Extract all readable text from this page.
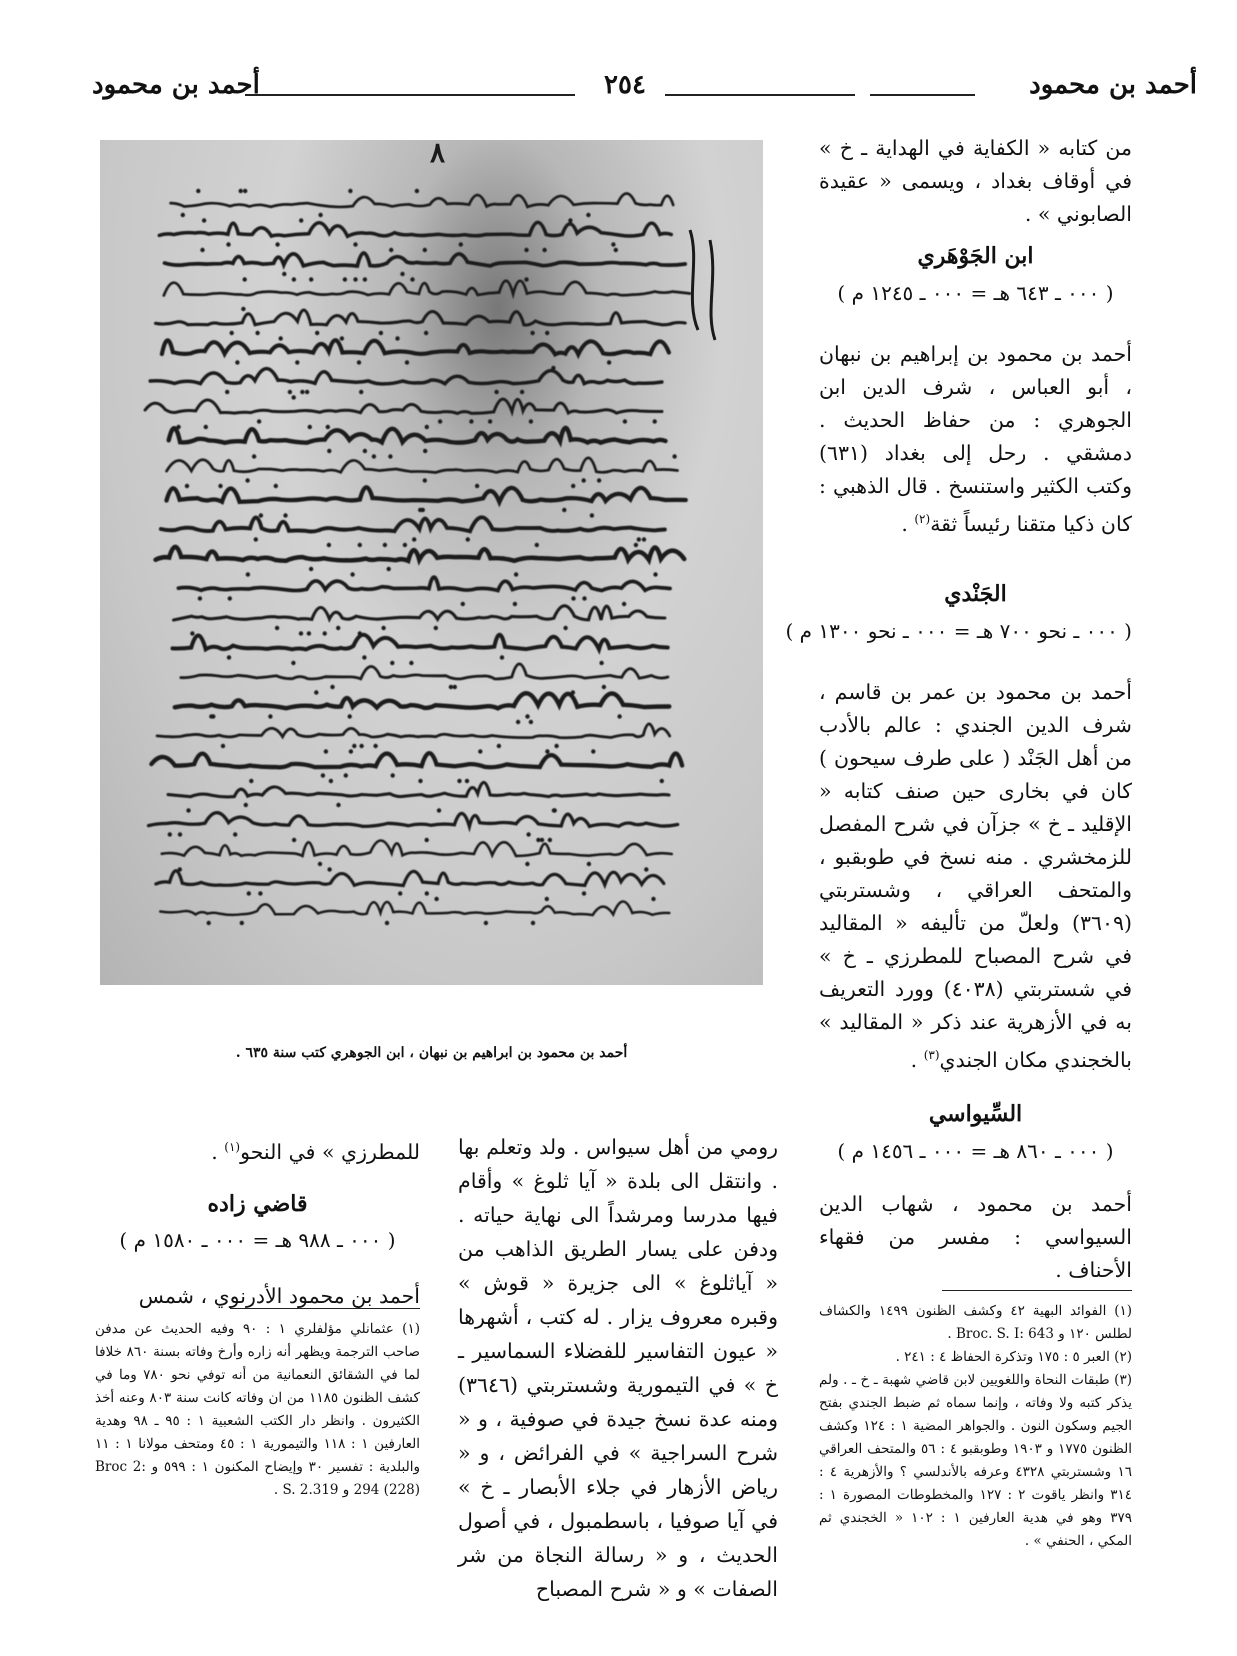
أحمد بن محمود
٢٥٤
أحمد بن محمود

من كتابه « الكفاية في الهداية ـ خ » في أوقاف بغداد ، ويسمى « عقيدة الصابوني » .

ابن الجَوْهَري
( ٠٠٠ ـ ٦٤٣ هـ = ٠٠٠ ـ ١٢٤٥ م )

أحمد بن محمود بن إبراهيم بن نبهان ، أبو العباس ، شرف الدين ابن الجوهري : من حفاظ الحديث . دمشقي . رحل إلى بغداد (٦٣١) وكتب الكثير واستنسخ . قال الذهبي : كان ذكيا متقنا رئيساً ثقة$^{(٢)}$ .

الجَنْدي
( ٠٠٠ ـ نحو ٧٠٠ هـ = ٠٠٠ ـ نحو ١٣٠٠ م )

أحمد بن محمود بن عمر بن قاسم ، شرف الدين الجندي : عالم بالأدب من أهل الجَنْد ( على طرف سيحون ) كان في بخارى حين صنف كتابه « الإقليد ـ خ » جزآن في شرح المفصل للزمخشري . منه نسخ في طوبقبو ، والمتحف العراقي ، وشستربتي (٣٦٠٩) ولعلّ من تأليفه « المقاليد في شرح المصباح للمطرزي ـ خ » في شستربتي (٤٠٣٨) وورد التعريف به في الأزهرية عند ذكر « المقاليد » بالخجندي مكان الجندي$^{(٣)}$ .

السِّيواسي
( ٠٠٠ ـ ٨٦٠ هـ = ٠٠٠ ـ ١٤٥٦ م )

أحمد بن محمود ، شهاب الدين السيواسي : مفسر من فقهاء الأحناف .

(١) الفوائد البهية ٤٢ وكشف الظنون ١٤٩٩ والكشاف لطلس ١٢٠ و Broc. S. I: 643 .
(٢) العبر ٥ : ١٧٥ وتذكرة الحفاظ ٤ : ٢٤١ .
(٣) طبقات النحاة واللغويين لابن قاضي شهبة ـ خ ـ . ولم يذكر كتبه ولا وفاته ، وإنما سماه ثم ضبط الجندي بفتح الجيم وسكون النون . والجواهر المضية ١ : ١٢٤ وكشف الظنون ١٧٧٥ و ١٩٠٣ وطوبقبو ٤ : ٥٦ والمتحف العراقي ١٦ وشستربتي ٤٣٢٨ وعرفه بالأندلسي ؟ والأزهرية ٤ : ٣١٤ وانظر ياقوت ٢ : ١٢٧ والمخطوطات المصورة ١ : ٣٧٩ وهو في هدية العارفين ١ : ١٠٢ « الخجندي ثم المكي ، الحنفي » .
٨
أحمد بن محمود بن ابراهيم بن نبهان ، ابن الجوهري كتب سنة ٦٣٥ .
رومي من أهل سيواس . ولد وتعلم بها . وانتقل الى بلدة « آيا ثلوغ » وأقام فيها مدرسا ومرشداً الى نهاية حياته . ودفن على يسار الطريق الذاهب من « آياثلوغ » الى جزيرة « قوش » وقبره معروف يزار . له كتب ، أشهرها « عيون التفاسير للفضلاء السماسير ـ خ » في التيمورية وشستربتي (٣٦٤٦) ومنه عدة نسخ جيدة في صوفية ، و « شرح السراجية » في الفرائض ، و « رياض الأزهار في جلاء الأبصار ـ خ » في آيا صوفيا ، باسطمبول ، في أصول الحديث ، و « رسالة النجاة من شر الصفات » و « شرح المصباح

للمطرزي » في النحو$^{(١)}$ .

قاضي زاده
( ٠٠٠ ـ ٩٨٨ هـ = ٠٠٠ ـ ١٥٨٠ م )

أحمد بن محمود الأدرنوي ، شمس

(١) عثمانلي مؤلفلري ١ : ٩٠ وفيه الحديث عن مدفن صاحب الترجمة ويظهر أنه زاره وأرخ وفاته بسنة ٨٦٠ خلافا لما في الشقائق النعمانية من أنه توفي نحو ٧٨٠ وما في كشف الظنون ١١٨٥ من ان وفاته كانت سنة ٨٠٣ وعنه أخذ الكثيرون . وانظر دار الكتب الشعبية ١ : ٩٥ ـ ٩٨ وهدية العارفين ١ : ١١٨ والتيمورية ١ : ٤٥ ومتحف مولانا ١ : ١١ والبلدية : تفسير ٣٠ وإيضاح المكنون ١ : ٥٩٩ و Broc 2: 294 (228) و S. 2.319 .
